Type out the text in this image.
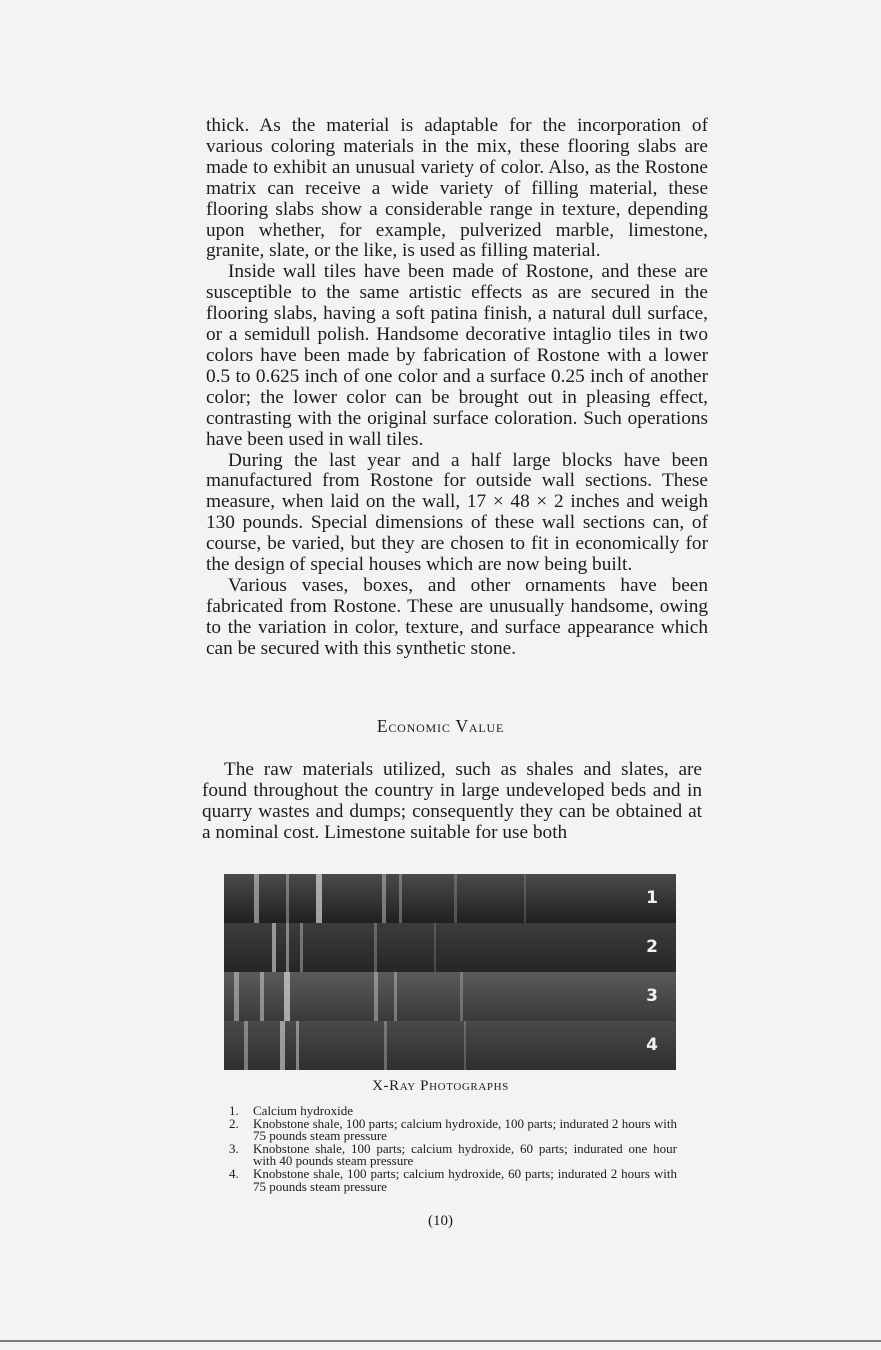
thick. As the material is adaptable for the incorporation of various coloring materials in the mix, these flooring slabs are made to exhibit an unusual variety of color. Also, as the Rostone matrix can receive a wide variety of filling material, these flooring slabs show a considerable range in texture, depending upon whether, for example, pulverized marble, limestone, granite, slate, or the like, is used as filling material.

Inside wall tiles have been made of Rostone, and these are susceptible to the same artistic effects as are secured in the flooring slabs, having a soft patina finish, a natural dull surface, or a semidull polish. Handsome decorative intaglio tiles in two colors have been made by fabrication of Rostone with a lower 0.5 to 0.625 inch of one color and a surface 0.25 inch of another color; the lower color can be brought out in pleasing effect, contrasting with the original surface coloration. Such operations have been used in wall tiles.

During the last year and a half large blocks have been manufactured from Rostone for outside wall sections. These measure, when laid on the wall, 17 × 48 × 2 inches and weigh 130 pounds. Special dimensions of these wall sections can, of course, be varied, but they are chosen to fit in economically for the design of special houses which are now being built.

Various vases, boxes, and other ornaments have been fabricated from Rostone. These are unusually handsome, owing to the variation in color, texture, and surface appearance which can be secured with this synthetic stone.

Economic Value

The raw materials utilized, such as shales and slates, are found throughout the country in large undeveloped beds and in quarry wastes and dumps; consequently they can be obtained at a nominal cost. Limestone suitable for use both

1
2
3
4
X-Ray Photographs
1.	Calcium hydroxide
2.	Knobstone shale, 100 parts; calcium hydroxide, 100 parts; indurated 2 hours with 75 pounds steam pressure
3.	Knobstone shale, 100 parts; calcium hydroxide, 60 parts; indurated one hour with 40 pounds steam pressure
4.	Knobstone shale, 100 parts; calcium hydroxide, 60 parts; indurated 2 hours with 75 pounds steam pressure
(10)
